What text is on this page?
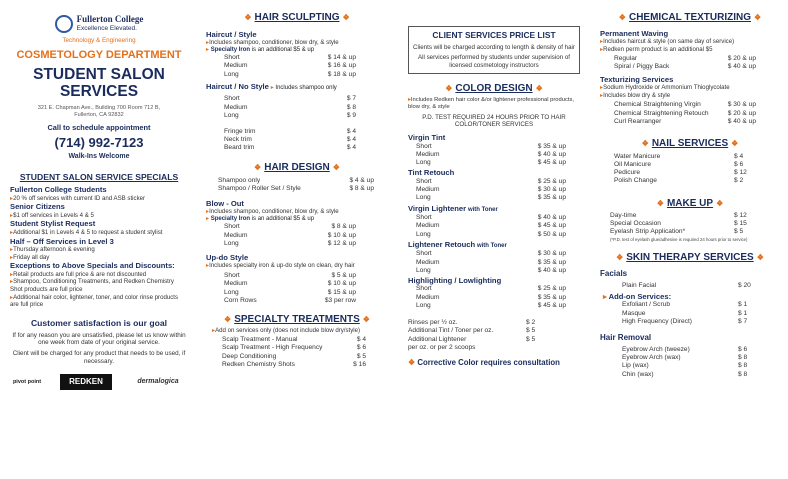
Fullerton College
Excellence Elevated.
Technology & Engineering
COSMETOLOGY DEPARTMENT
STUDENT SALON
SERVICES
321 E. Chapman Ave., Building 700 Room 712 B,
Fullerton, CA 92832
Call to schedule appointment
(714) 992-7123
Walk-Ins Welcome
STUDENT SALON SERVICE SPECIALS
Fullerton College Students
▸ 20 % off services with current ID and ASB sticker
Senior Citizens
▸ $1 off services in Levels 4 & 5
Student Stylist Request
▸ Additional $1 in Levels 4 & 5 to request a student stylist
Half – Off Services in Level 3
▸ Thursday afternoon & evening
▸ Friday all day
Exceptions to Above Specials and Discounts:
▸ Retail products are full price & are not discounted
▸ Shampoo, Conditioning Treatments, and Redken Chemistry Shot products are full price
▸ Additional hair color, lightener, toner, and color rinse products are full price
Customer satisfaction is our goal
If for any reason you are unsatisfied, please let us know within one week from date of your original service.
Client will be charged for any product that needs to be used, if necessary.
pivot point	REDKEN	dermalogica
❖ HAIR SCULPTING ❖
Haircut / Style
▸ Includes shampoo, conditioner, blow dry, & style
▸ Specialty Iron is an additional $5 & up
Short	$ 14 & up
Medium	$ 16 & up
Long	$ 18 & up
Haircut / No Style ▸ Includes shampoo only
Short	$ 7
Medium	$ 8
Long	$ 9
Fringe trim	$ 4
Neck trim	$ 4
Beard trim	$ 4
❖ HAIR DESIGN ❖
Shampoo only	$ 4 & up
Shampoo / Roller Set / Style	$ 8 & up
Blow - Out
▸ Includes shampoo, conditioner, blow dry, & style
▸ Specialty Iron is an additional $5 & up
Short	$ 8 & up
Medium	$ 10 & up
Long	$ 12 & up
Up-do Style
▸ Includes specialty iron & up-do style on clean, dry hair
Short	$ 5 & up
Medium	$ 10 & up
Long	$ 15 & up
Corn Rows	$3 per row
❖ SPECIALTY TREATMENTS ❖
▸ Add on services only (does not include blow dry/style)
Scalp Treatment - Manual	$ 4
Scalp Treatment - High Frequency	$ 6
Deep Conditioning	$ 5
Redken Chemistry Shots	$ 16
CLIENT SERVICES PRICE LIST
Clients will be charged according to length & density of hair
All services performed by students under supervision of licensed cosmetology instructors
❖ COLOR DESIGN ❖
▸ Includes Redken hair color &/or lightener professional products, blow dry, & style
P.D. TEST REQUIRED 24 HOURS PRIOR TO HAIR COLOR/TONER SERVICES
Virgin Tint
Short	$ 35 & up
Medium	$ 40 & up
Long	$ 45 & up
Tint Retouch
Short	$ 25 & up
Medium	$ 30 & up
Long	$ 35 & up
Virgin Lightener with Toner
Short	$ 40 & up
Medium	$ 45 & up
Long	$ 50 & up
Lightener Retouch with Toner
Short	$ 30 & up
Medium	$ 35 & up
Long	$ 40 & up
Highlighting / Lowlighting
Short	$ 25 & up
Medium	$ 35 & up
Long	$ 45 & up
Rinses per ½ oz.	$ 2
Additional Tint / Toner per oz.	$ 5
Additional Lightener	$ 5
per oz. or per 2 scoops
❖ Corrective Color requires consultation
❖ CHEMICAL TEXTURIZING ❖
Permanent Waving
▸ Includes haircut & style (on same day of service)
▸ Redken perm product is an additional $5
Regular	$ 20 & up
Spiral / Piggy Back	$ 40 & up
Texturizing Services
▸ Sodium Hydroxide or Ammonium Thioglycolate
▸ Includes blow dry & style
Chemical Straightening Virgin	$ 30 & up
Chemical Straightening Retouch	$ 20 & up
Curl Rearranger	$ 40 & up
❖ NAIL SERVICES ❖
Water Manicure	$ 4
Oil Manicure	$ 6
Pedicure	$ 12
Polish Change	$ 2
❖ MAKE UP ❖
Day-time	$ 12
Special Occasion	$ 15
Eyelash Strip Application*	$ 5
(*P.D. test of eyelash glue/adhesive is required 24 hours prior to service)
❖ SKIN THERAPY SERVICES ❖
Facials
Plain Facial	$ 20
▸ Add-on Services:
Exfoliant / Scrub	$ 1
Masque	$ 1
High Frequency (Direct)	$ 7
Hair Removal
Eyebrow Arch (tweeze)	$ 6
Eyebrow Arch (wax)	$ 8
Lip (wax)	$ 8
Chin (wax)	$ 8
